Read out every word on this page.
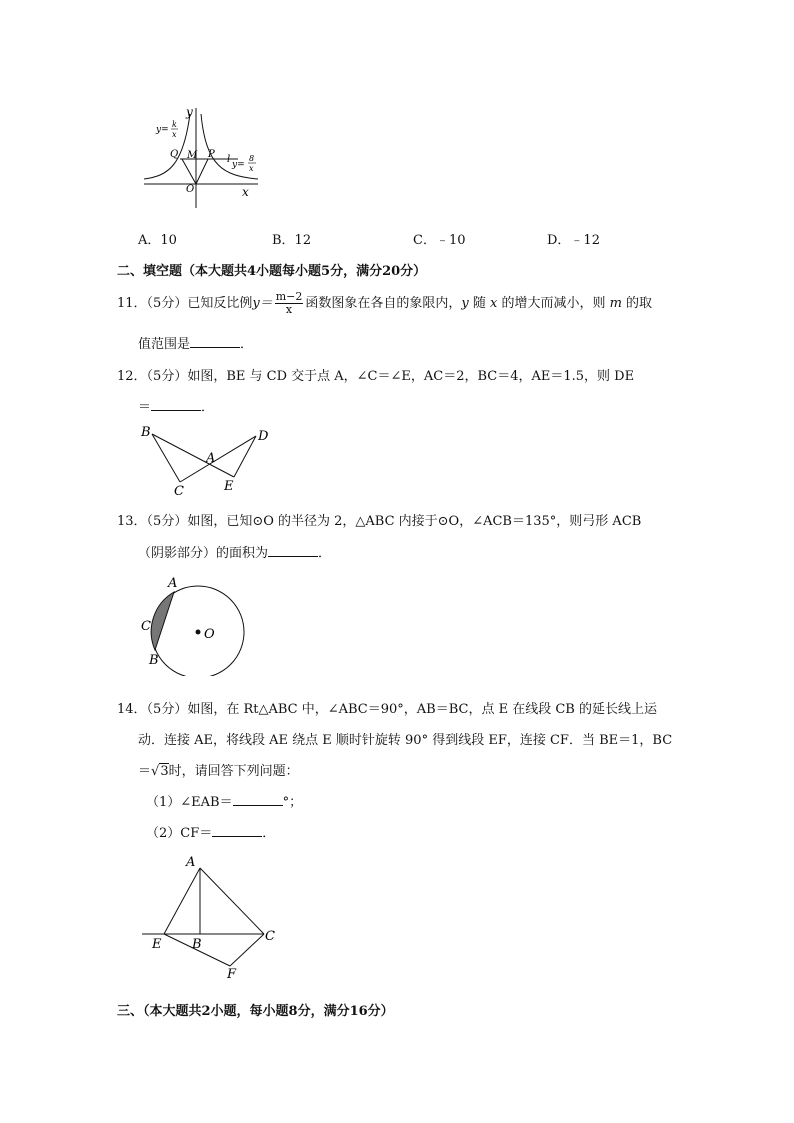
y
x
O
Q M P l
y=
k
x
y=
8
x
A．10	B．12	C．﹣10	D．﹣12
二、填空题（本大题共4小题每小题5分，满分20分）
11．（5分）已知反比例$y= \frac{m-2}{x}$ 函数图象在各自的象限内，y 随 x 的增大而减小，则 m 的取
值范围是	．
12．（5分）如图，BE 与 CD 交于点 A，∠C＝∠E，AC＝2，BC＝4，AE＝1.5，则 DE
＝	．
B	D
A
C	E
13．（5分）如图，已知⊙O 的半径为 2，△ABC 内接于⊙O，∠ACB＝135°，则弓形 ACB
（阴影部分）的面积为	．
A
C
B
O
14．（5分）如图，在 Rt△ABC 中，∠ABC＝90°，AB＝BC，点 E 在线段 CB 的延长线上运
动．连接 AE，将线段 AE 绕点 E 顺时针旋转 90° 得到线段 EF，连接 CF．当 BE＝1，BC
＝√3时，请回答下列问题：
（1）∠EAB＝	°；
（2）CF＝	．
A
E B
C
F
三、（本大题共2小题，每小题8分，满分16分）
